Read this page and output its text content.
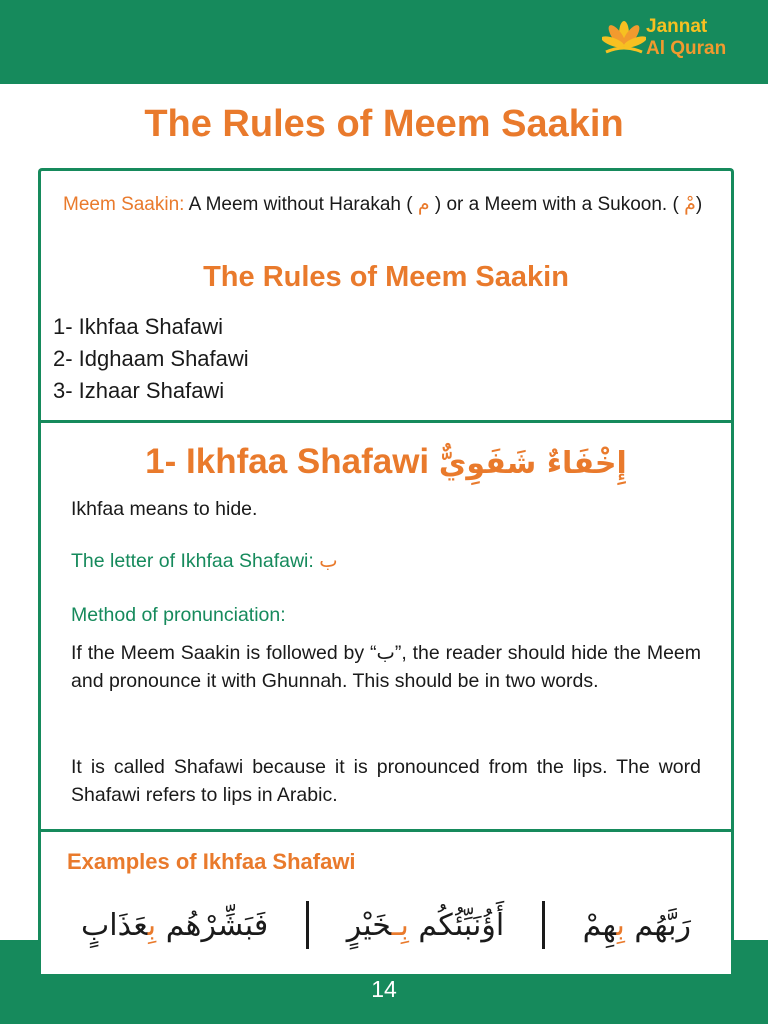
Jannat
Al Quran
The Rules of Meem Saakin
14

Meem Saakin: A Meem without Harakah ( م ) or a Meem with a Sukoon. ( مْ)

The Rules of Meem Saakin
1- Ikhfaa Shafawi
2- Idghaam Shafawi
3- Izhaar Shafawi
1- Ikhfaa Shafawi إِخْفَاءٌ شَفَوِيٌّ

Ikhfaa means to hide.

The letter of Ikhfaa Shafawi: ب

Method of pronunciation:

If the Meem Saakin is followed by “ب”, the reader should hide the Meem and pronounce it with Ghunnah. This should be in two words.

It is called Shafawi because it is pronounced from the lips. The word Shafawi refers to lips in Arabic.

Examples of Ikhfaa Shafawi
رَبَّهُم بِهِمْ
أَؤُنَبِّئُكُم بِـخَيْرٍ
فَبَشِّرْهُم بِعَذَابٍ
